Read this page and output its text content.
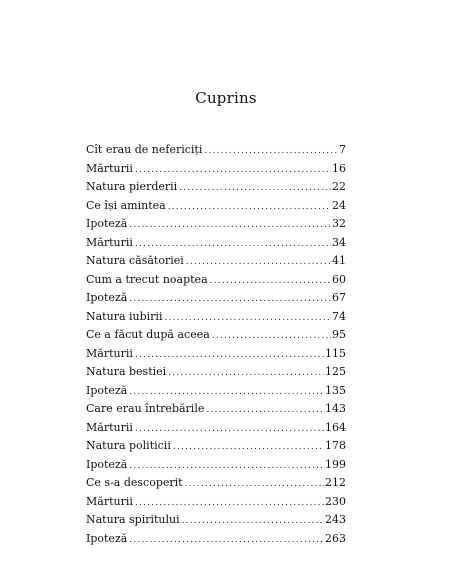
Cuprins
Cît erau de nefericiți .....	7
Mărturii .....	16
Natura pierderii .....	22
Ce își amintea .....	24
Ipoteză .....	32
Mărturii .....	34
Natura căsătoriei .....	41
Cum a trecut noaptea .....	60
Ipoteză .....	67
Natura iubirii .....	74
Ce a făcut după aceea .....	95
Mărturii .....	115
Natura bestiei .....	125
Ipoteză .....	135
Care erau întrebările .....	143
Mărturii .....	164
Natura politicii .....	178
Ipoteză .....	199
Ce s-a descoperit .....	212
Mărturii .....	230
Natura spiritului .....	243
Ipoteză .....	263
